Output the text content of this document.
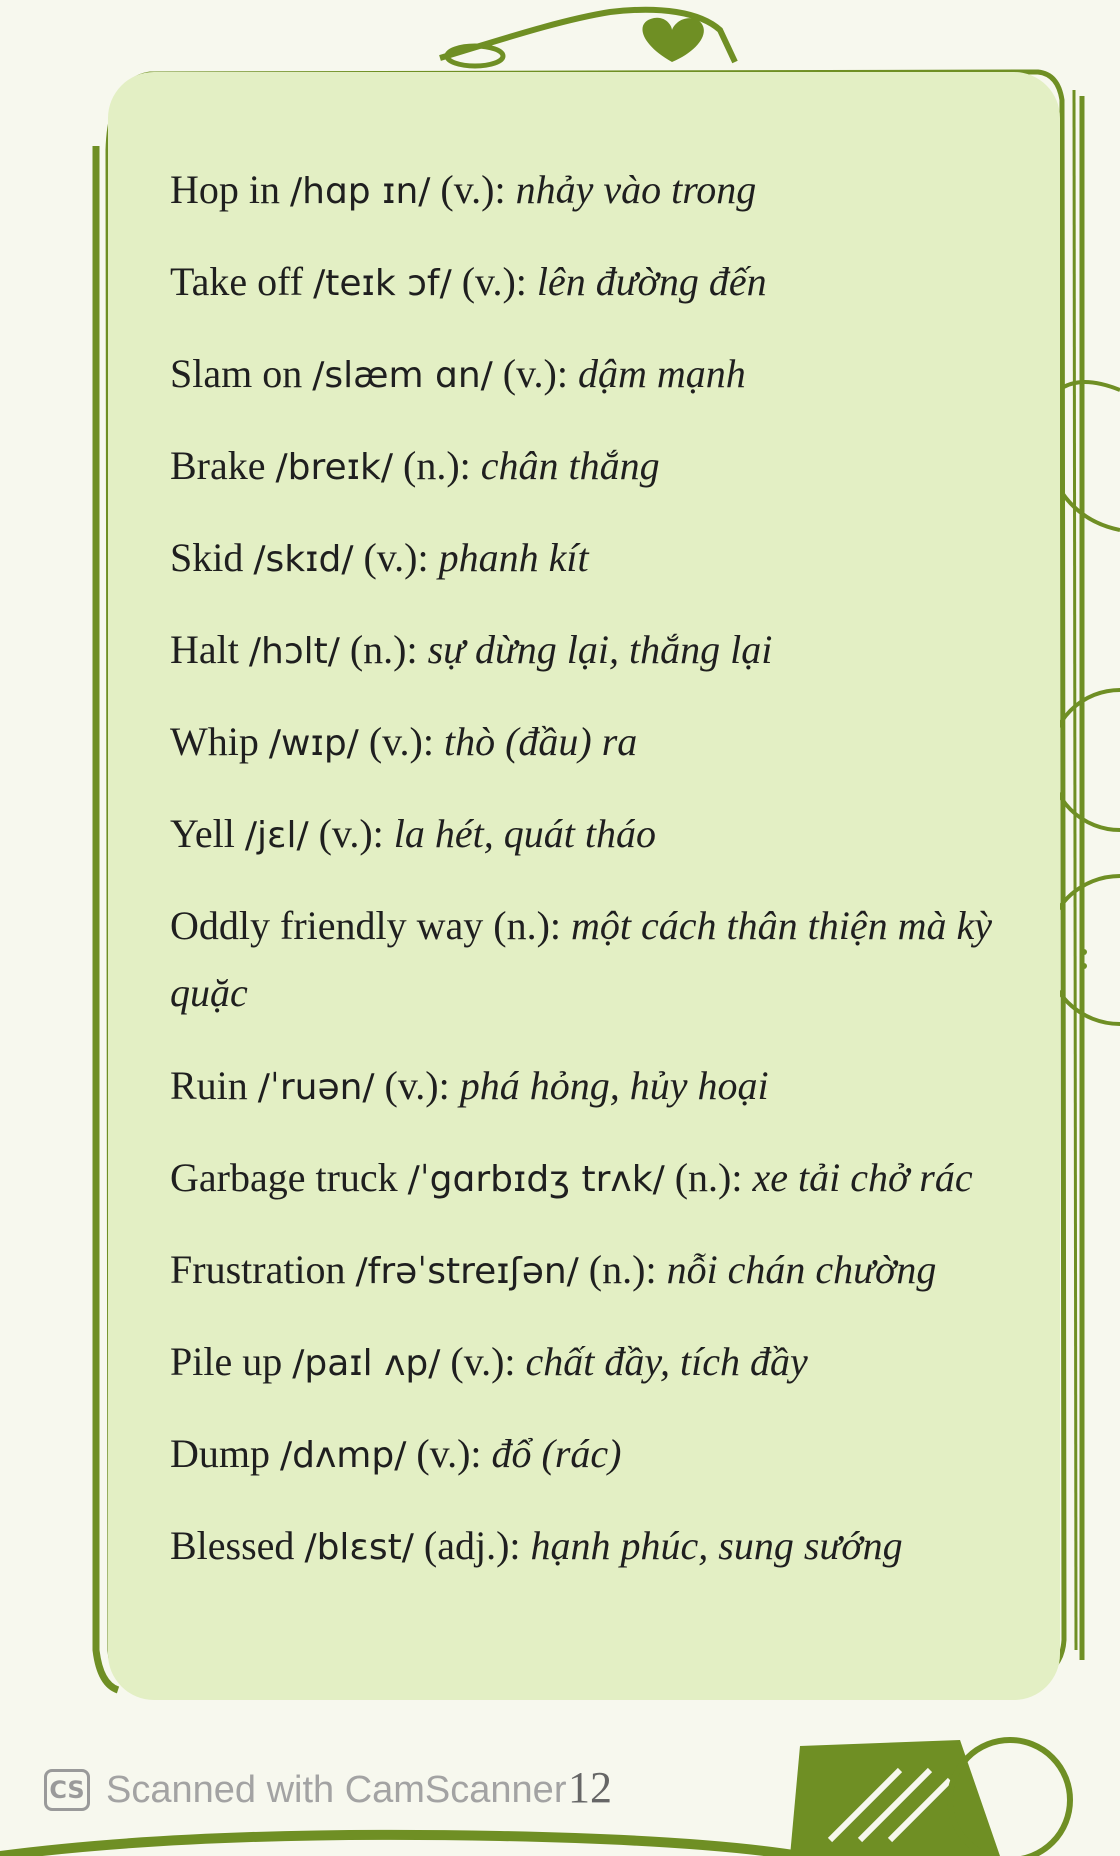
Hop in /hɑp ɪn/ (v.): nhảy vào trong
Take off /teɪk ɔf/ (v.): lên đường đến
Slam on /slæm ɑn/ (v.): dậm mạnh
Brake /breɪk/ (n.): chân thắng
Skid /skɪd/ (v.): phanh kít
Halt /hɔlt/ (n.): sự dừng lại, thắng lại
Whip /wɪp/ (v.): thò (đầu) ra
Yell /jɛl/ (v.): la hét, quát tháo
Oddly friendly way (n.): một cách thân thiện mà kỳ quặc
Ruin /ˈruən/ (v.): phá hỏng, hủy hoại
Garbage truck /ˈgɑrbɪdʒ trʌk/ (n.): xe tải chở rác
Frustration /frəˈstreɪʃən/ (n.): nỗi chán chường
Pile up /paɪl ʌp/ (v.): chất đầy, tích đầy
Dump /dʌmp/ (v.): đổ (rác)
Blessed /blɛst/ (adj.): hạnh phúc, sung sướng
CS Scanned with CamScanner 12
